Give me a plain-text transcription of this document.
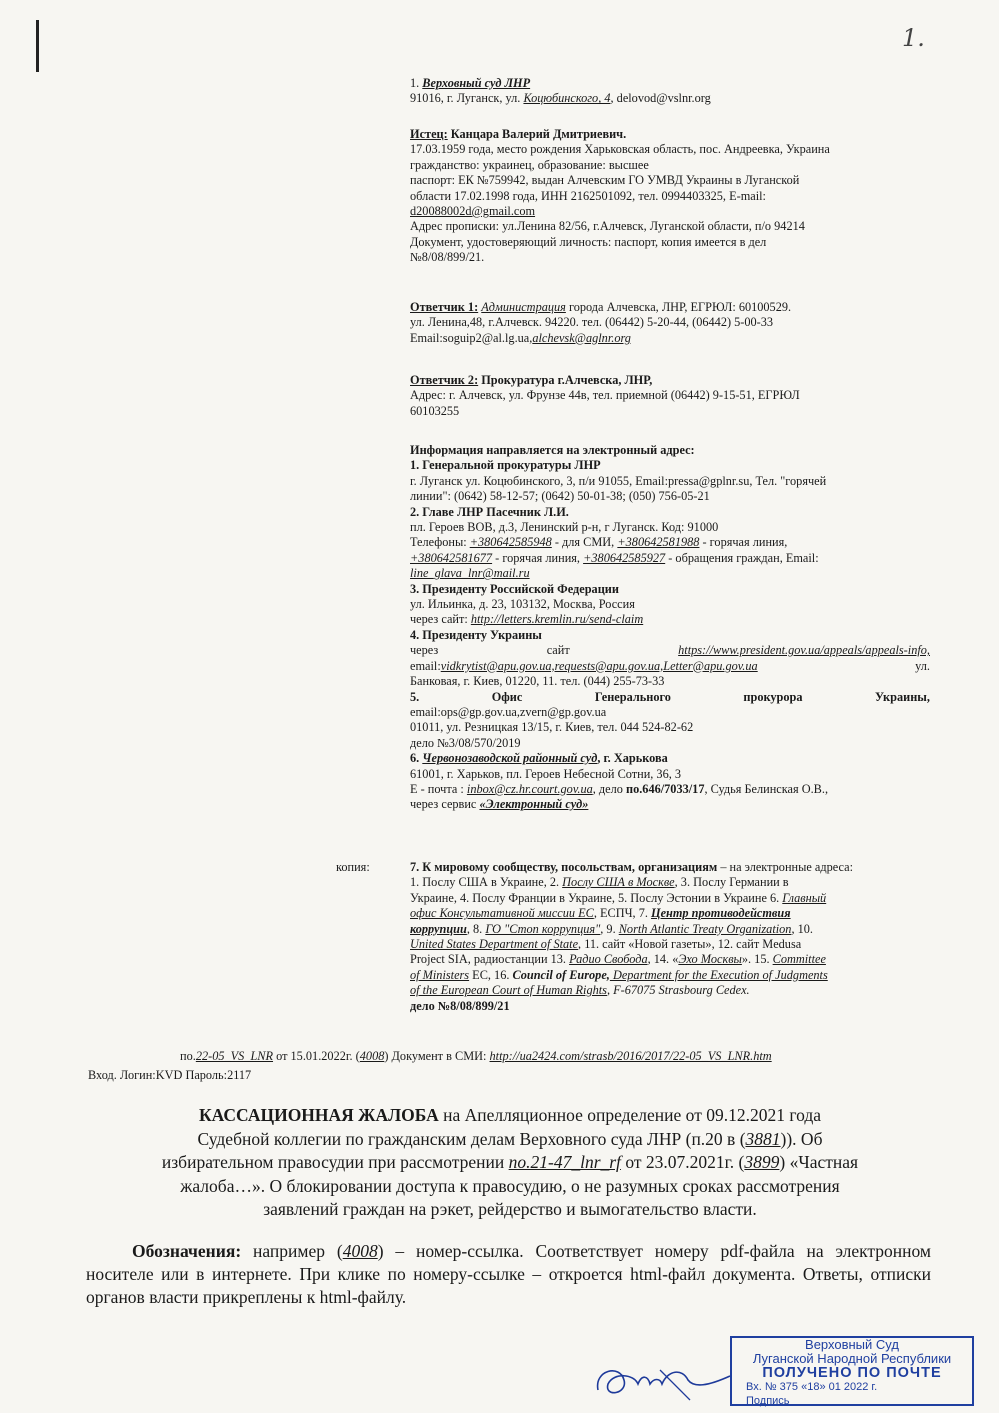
1.
1. Верховный суд ЛНР
91016, г. Луганск, ул. Коцюбинского, 4, delovod@vslnr.org
Истец: Канцара Валерий Дмитриевич.
17.03.1959 года, место рождения Харьковская область, пос. Андреевка, Украина
гражданство: украинец, образование: высшее
паспорт: ЕК №759942, выдан Алчевским ГО УМВД Украины в Луганской
области 17.02.1998 года, ИНН 2162501092, тел. 0994403325, E-mail:
d20088002d@gmail.com
Адрес прописки: ул.Ленина 82/56, г.Алчевск, Луганской области, п/о 94214
Документ, удостоверяющий личность: паспорт, копия имеется в дел
№8/08/899/21.
Ответчик 1: Администрация города Алчевска, ЛНР, ЕГРЮЛ: 60100529.
ул. Ленина,48, г.Алчевск. 94220. тел. (06442) 5-20-44, (06442) 5-00-33
Email:soguip2@al.lg.ua,alchevsk@aglnr.org
Ответчик 2: Прокуратура г.Алчевска, ЛНР,
Адрес: г. Алчевск, ул. Фрунзе 44в, тел. приемной (06442) 9-15-51, ЕГРЮЛ
60103255
Информация направляется на электронный адрес:
1. Генеральной прокуратуры ЛНР
г. Луганск ул. Коцюбинского, 3, п/и 91055, Email:pressa@gplnr.su, Тел. "горячей
линии": (0642) 58-12-57; (0642) 50-01-38; (050) 756-05-21
2. Главе ЛНР Пасечник Л.И.
пл. Героев ВОВ, д.3, Ленинский р-н, г Луганск. Код: 91000
Телефоны: +380642585948 - для СМИ, +380642581988 - горячая линия,
+380642581677 - горячая линия, +380642585927 - обращения граждан, Email:
line_glava_lnr@mail.ru
3. Президенту Российской Федерации
ул. Ильинка, д. 23, 103132, Москва, Россия
через сайт: http://letters.kremlin.ru/send-claim
4. Президенту Украины
через	сайт	https://www.president.gov.ua/appeals/appeals-info,
email:vidkrytist@apu.gov.ua,requests@apu.gov.ua,Letter@apu.gov.ua	ул.
Банковая, г. Киев, 01220, 11. тел. (044) 255-73-33
5.	Офис	Генерального	прокурора	Украины,
email:ops@gp.gov.ua,zvern@gp.gov.ua
01011, ул. Резницкая 13/15, г. Киев, тел. 044 524-82-62
дело №3/08/570/2019
6. Червонозаводской районный суд, г. Харькова
61001, г. Харьков, пл. Героев Небесной Сотни, 36, 3
Е - почта : inbox@cz.hr.court.gov.ua, дело по.646/7033/17, Судья Белинская О.В.,
через сервис «Электронный суд»
копия:	7. К мировому сообществу, посольствам, организациям – на электронные адреса:
1. Послу США в Украине, 2. Послу США в Москве, 3. Послу Германии в
Украине, 4. Послу Франции в Украине, 5. Послу Эстонии в Украине 6. Главный
офис Консультативной миссии ЕС, ЕСПЧ, 7. Центр противодействия
коррупции, 8. ГО "Стоп коррупция", 9. North Atlantic Treaty Organization, 10.
United States Department of State, 11. сайт «Новой газеты», 12. сайт Medusa
Project SIA, радиостанции 13. Радио Свобода, 14. «Эхо Москвы». 15. Committee
of Ministers ЕС, 16. Council of Europe, Department for the Execution of Judgments
of the European Court of Human Rights, F-67075 Strasbourg Cedex.
дело №8/08/899/21
по.22-05_VS_LNR от 15.01.2022г. (4008) Документ в СМИ: http://ua2424.com/strasb/2016/2017/22-05_VS_LNR.htm
Вход. Логин:KVD Пароль:2117
КАССАЦИОННАЯ ЖАЛОБА на Апелляционное определение от 09.12.2021 года
Судебной коллегии по гражданским делам Верховного суда ЛНР (п.20 в (3881)). Об
избирательном правосудии при рассмотрении по.21-47_lnr_rf от 23.07.2021г. (3899) «Частная
жалоба…». О блокировании доступа к правосудию, о не разумных сроках рассмотрения
заявлений граждан на рэкет, рейдерство и вымогательство власти.
Обозначения: например (4008) – номер-ссылка. Соответствует номеру pdf-файла на электронном носителе или в интернете. При клике по номеру-ссылке – откроется html-файл документа. Ответы, отписки органов власти прикреплены к html-файлу.
Верховный Суд
Луганской Народной Республики
ПОЛУЧЕНО ПО ПОЧТЕ
Вх. № 375 «18» 01 2022 г.
Подпись
